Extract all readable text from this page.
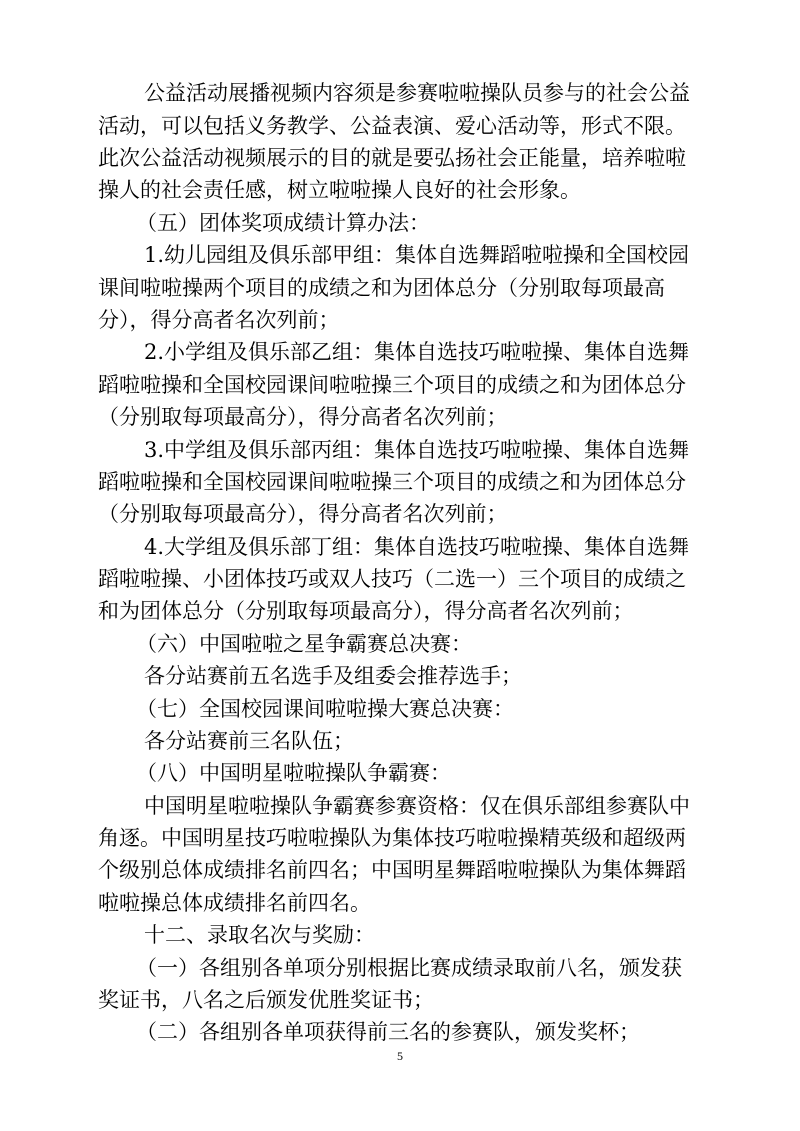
公益活动展播视频内容须是参赛啦啦操队员参与的社会公益
活动，可以包括义务教学、公益表演、爱心活动等，形式不限。
此次公益活动视频展示的目的就是要弘扬社会正能量，培养啦啦
操人的社会责任感，树立啦啦操人良好的社会形象。
（五）团体奖项成绩计算办法：
1.幼儿园组及俱乐部甲组：集体自选舞蹈啦啦操和全国校园
课间啦啦操两个项目的成绩之和为团体总分（分别取每项最高
分），得分高者名次列前；
2.小学组及俱乐部乙组：集体自选技巧啦啦操、集体自选舞
蹈啦啦操和全国校园课间啦啦操三个项目的成绩之和为团体总分
（分别取每项最高分），得分高者名次列前；
3.中学组及俱乐部丙组：集体自选技巧啦啦操、集体自选舞
蹈啦啦操和全国校园课间啦啦操三个项目的成绩之和为团体总分
（分别取每项最高分），得分高者名次列前；
4.大学组及俱乐部丁组：集体自选技巧啦啦操、集体自选舞
蹈啦啦操、小团体技巧或双人技巧（二选一）三个项目的成绩之
和为团体总分（分别取每项最高分），得分高者名次列前；
（六）中国啦啦之星争霸赛总决赛：
各分站赛前五名选手及组委会推荐选手；
（七）全国校园课间啦啦操大赛总决赛：
各分站赛前三名队伍；
（八）中国明星啦啦操队争霸赛：
中国明星啦啦操队争霸赛参赛资格：仅在俱乐部组参赛队中
角逐。中国明星技巧啦啦操队为集体技巧啦啦操精英级和超级两
个级别总体成绩排名前四名；中国明星舞蹈啦啦操队为集体舞蹈
啦啦操总体成绩排名前四名。
十二、录取名次与奖励：
（一）各组别各单项分别根据比赛成绩录取前八名，颁发获
奖证书，八名之后颁发优胜奖证书；
（二）各组别各单项获得前三名的参赛队，颁发奖杯；
5
